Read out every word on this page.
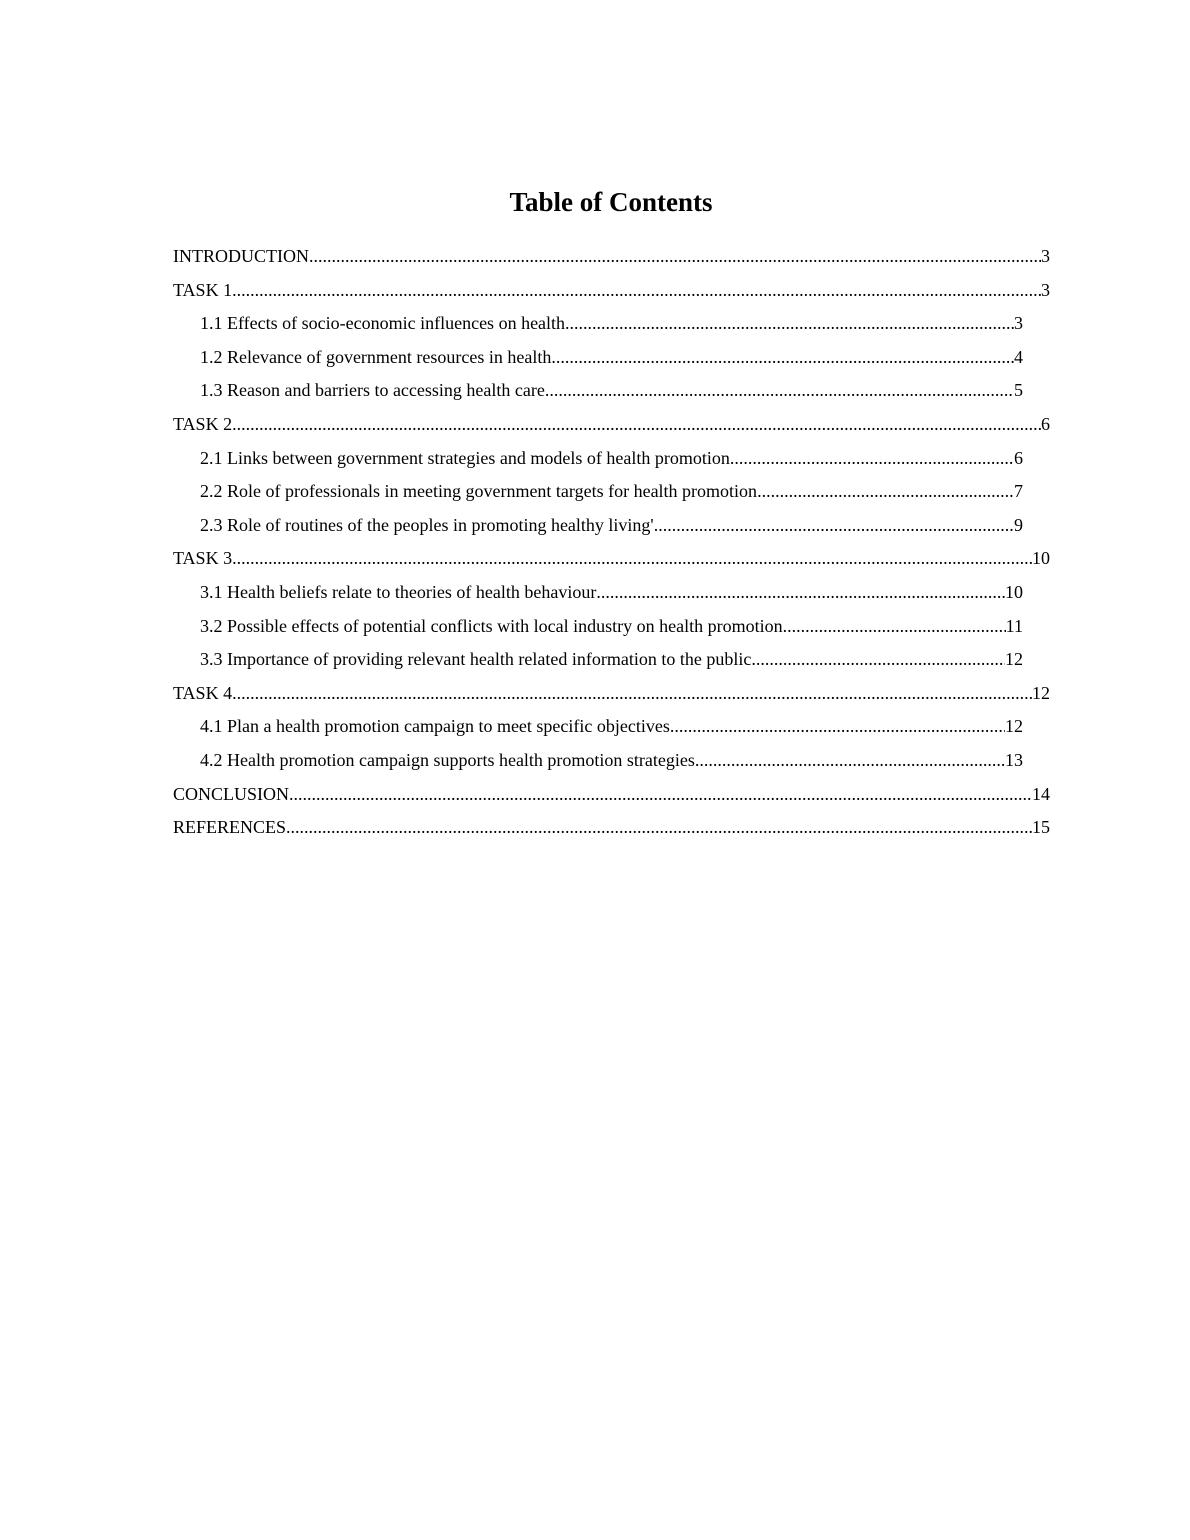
Table of Contents
INTRODUCTION .....	3
TASK 1 .....	3
1.1 Effects of socio-economic influences on health .....	3
1.2 Relevance of government resources in health .....	4
1.3 Reason and barriers to accessing health care .....	5
TASK 2 .....	6
2.1 Links between government strategies and models of health promotion .....	6
2.2 Role of professionals in meeting government targets for health promotion .....	7
2.3 Role of routines of the peoples in promoting healthy living' .....	9
TASK 3 .....	10
3.1 Health beliefs relate to theories of health behaviour .....	10
3.2 Possible effects of potential conflicts with local industry on health promotion .....	11
3.3 Importance of providing relevant health related information to the public .....	12
TASK 4 .....	12
4.1 Plan a health promotion campaign to meet specific objectives .....	12
4.2 Health promotion campaign supports health promotion strategies .....	13
CONCLUSION .....	14
REFERENCES .....	15
